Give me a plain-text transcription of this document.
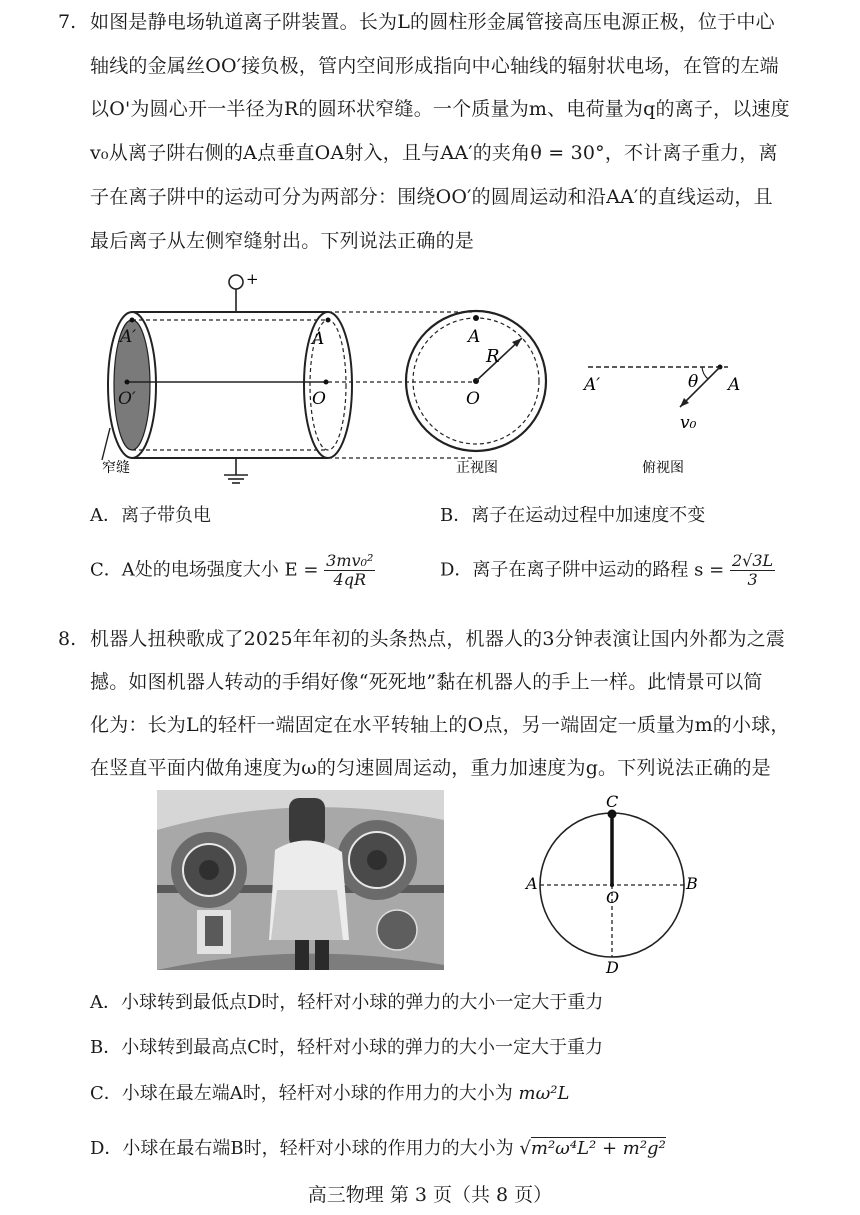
7. 如图是静电场轨道离子阱装置。长为L的圆柱形金属管接高压电源正极，位于中心
轴线的金属丝OO′接负极，管内空间形成指向中心轴线的辐射状电场，在管的左端
以O'为圆心开一半径为R的圆环状窄缝。一个质量为m、电荷量为q的离子，以速度
v₀从离子阱右侧的A点垂直OA射入，且与AA′的夹角θ = 30°，不计离子重力，离
子在离子阱中的运动可分为两部分：围绕OO′的圆周运动和沿AA′的直线运动，且
最后离子从左侧窄缝射出。下列说法正确的是
+
A′
O′
A
O
A
R
O
A′	θ A
v₀
窄缝	正视图	俯视图
A．离子带负电	B．离子在运动过程中加速度不变
C．A处的电场强度大小 $E = \frac{\text{3mv₀²}}{4qR}$	D．离子在离子阱中运动的路程 $s = \frac{2√3L}{3}$
8. 机器人扭秧歌成了2025年年初的头条热点，机器人的3分钟表演让国内外都为之震
撼。如图机器人转动的手绢好像“死死地”黏在机器人的手上一样。此情景可以简
化为：长为L的轻杆一端固定在水平转轴上的O点，另一端固定一质量为m的小球，
在竖直平面内做角速度为ω的匀速圆周运动，重力加速度为g。下列说法正确的是
C
A	B
O
D
A．小球转到最低点D时，轻杆对小球的弹力的大小一定大于重力
B．小球转到最高点C时，轻杆对小球的弹力的大小一定大于重力
C．小球在最左端A时，轻杆对小球的作用力的大小为 mω²L
D．小球在最右端B时，轻杆对小球的作用力的大小为 √m²ω⁴L² + m²g²
高三物理 第 3 页（共 8 页）
